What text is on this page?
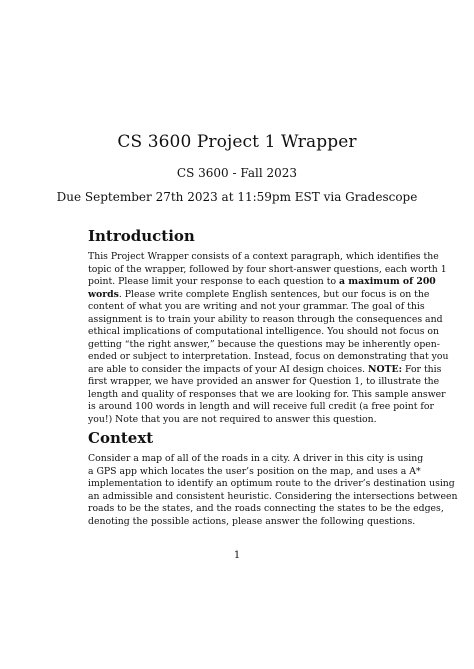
CS 3600 Project 1 Wrapper
CS 3600 - Fall 2023
Due September 27th 2023 at 11:59pm EST via Gradescope
Introduction
This Project Wrapper consists of a context paragraph, which identifies the
topic of the wrapper, followed by four short-answer questions, each worth 1
point. Please limit your response to each question to a maximum of 200
words. Please write complete English sentences, but our focus is on the
content of what you are writing and not your grammar. The goal of this
assignment is to train your ability to reason through the consequences and
ethical implications of computational intelligence. You should not focus on
getting “the right answer,” because the questions may be inherently open-
ended or subject to interpretation. Instead, focus on demonstrating that you
are able to consider the impacts of your AI design choices. NOTE: For this
first wrapper, we have provided an answer for Question 1, to illustrate the
length and quality of responses that we are looking for. This sample answer
is around 100 words in length and will receive full credit (a free point for
you!) Note that you are not required to answer this question.
Context
Consider a map of all of the roads in a city. A driver in this city is using
a GPS app which locates the user’s position on the map, and uses a A*
implementation to identify an optimum route to the driver’s destination using
an admissible and consistent heuristic. Considering the intersections between
roads to be the states, and the roads connecting the states to be the edges,
denoting the possible actions, please answer the following questions.
1
